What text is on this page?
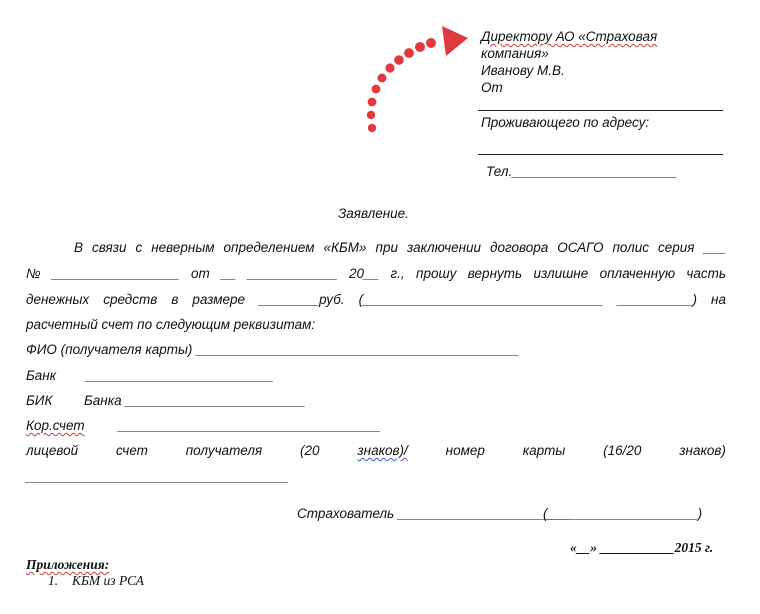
Директору АО «Страховая
компания»
Иванову М.В.
От
Проживающего по адресу:
Тел.______________________
Заявление.
В связи с неверным определением «КБМ» при заключении договора ОСАГО полис серия ___
№ _________________ от __ ____________ 20__ г., прошу вернуть излишне оплаченную часть
денежных средств в размере ________руб. (________________________________ __________) на
расчетный счет по следующим реквизитам:
ФИО (получателя карты) ___________________________________________
Банк _________________________
БИК Банка ________________________
Кор.счет ___________________________________
лицевой	счет	получателя	(20	знаков)/	номер	карты	(16/20	знаков)
___________________________________
Страхователь _______________________
(____________________)
«__» ___________2015 г.
Приложения:
1. КБМ из РСА
